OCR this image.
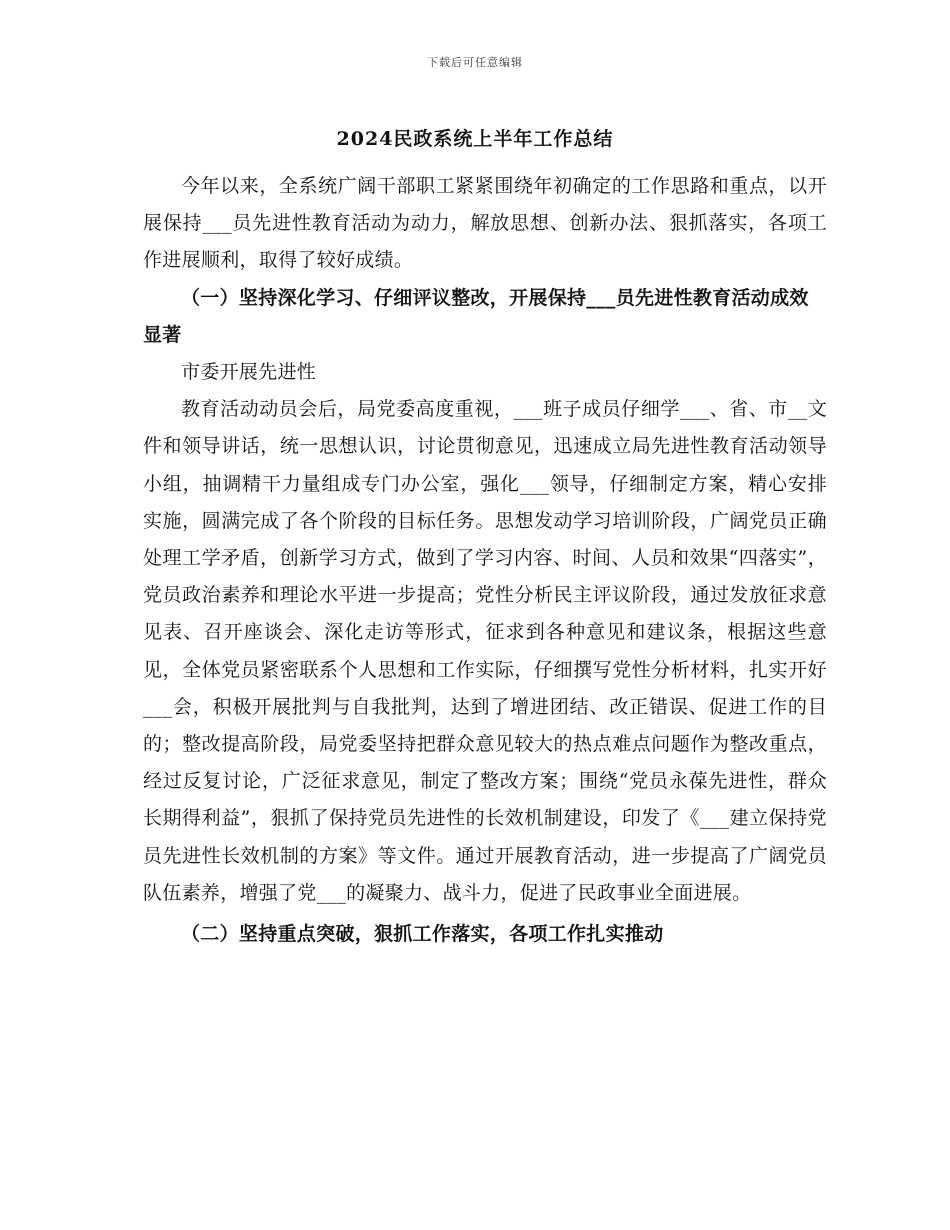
下载后可任意编辑
2024民政系统上半年工作总结

今年以来，全系统广阔干部职工紧紧围绕年初确定的工作思路和重点，以开展保持___员先进性教育活动为动力，解放思想、创新办法、狠抓落实，各项工作进展顺利，取得了较好成绩。

（一）坚持深化学习、仔细评议整改，开展保持___员先进性教育活动成效显著

市委开展先进性

教育活动动员会后，局党委高度重视，___班子成员仔细学___、省、市__文件和领导讲话，统一思想认识，讨论贯彻意见，迅速成立局先进性教育活动领导小组，抽调精干力量组成专门办公室，强化___领导，仔细制定方案，精心安排实施，圆满完成了各个阶段的目标任务。思想发动学习培训阶段，广阔党员正确处理工学矛盾，创新学习方式，做到了学习内容、时间、人员和效果“四落实”，党员政治素养和理论水平进一步提高；党性分析民主评议阶段，通过发放征求意见表、召开座谈会、深化走访等形式，征求到各种意见和建议条，根据这些意见，全体党员紧密联系个人思想和工作实际，仔细撰写党性分析材料，扎实开好___会，积极开展批判与自我批判，达到了增进团结、改正错误、促进工作的目的；整改提高阶段，局党委坚持把群众意见较大的热点难点问题作为整改重点，经过反复讨论，广泛征求意见，制定了整改方案；围绕“党员永葆先进性，群众长期得利益”，狠抓了保持党员先进性的长效机制建设，印发了《___建立保持党员先进性长效机制的方案》等文件。通过开展教育活动，进一步提高了广阔党员队伍素养，增强了党___的凝聚力、战斗力，促进了民政事业全面进展。

（二）坚持重点突破，狠抓工作落实，各项工作扎实推动
